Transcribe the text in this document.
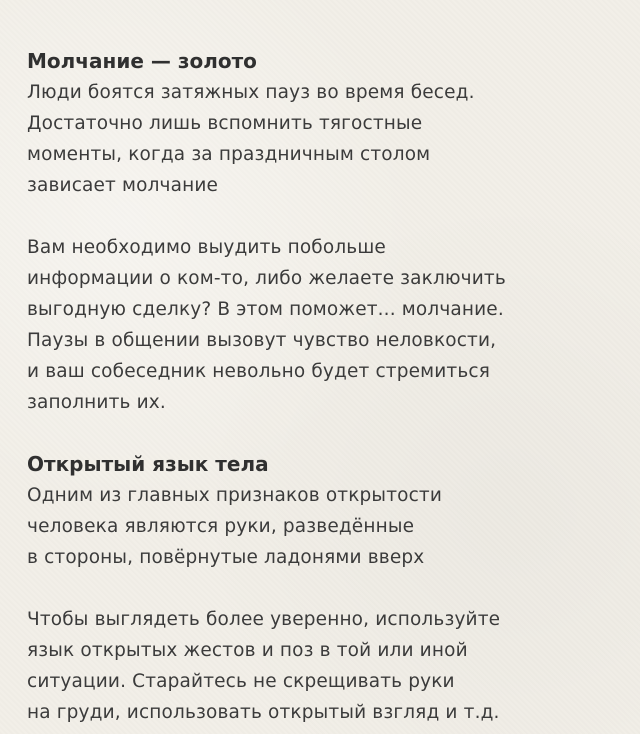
Молчание — золото

Люди боятся затяжных пауз во время бесед.
Достаточно лишь вспомнить тягостные
моменты, когда за праздничным столом
зависает молчание

Вам необходимо выудить побольше
информации о ком-то, либо желаете заключить
выгодную сделку? В этом поможет... молчание.
Паузы в общении вызовут чувство неловкости,
и ваш собеседник невольно будет стремиться
заполнить их.

Открытый язык тела

Одним из главных признаков открытости
человека являются руки, разведённые
в стороны, повёрнутые ладонями вверх

Чтобы выглядеть более уверенно, используйте
язык открытых жестов и поз в той или иной
ситуации. Старайтесь не скрещивать руки
на груди, использовать открытый взгляд и т.д.
